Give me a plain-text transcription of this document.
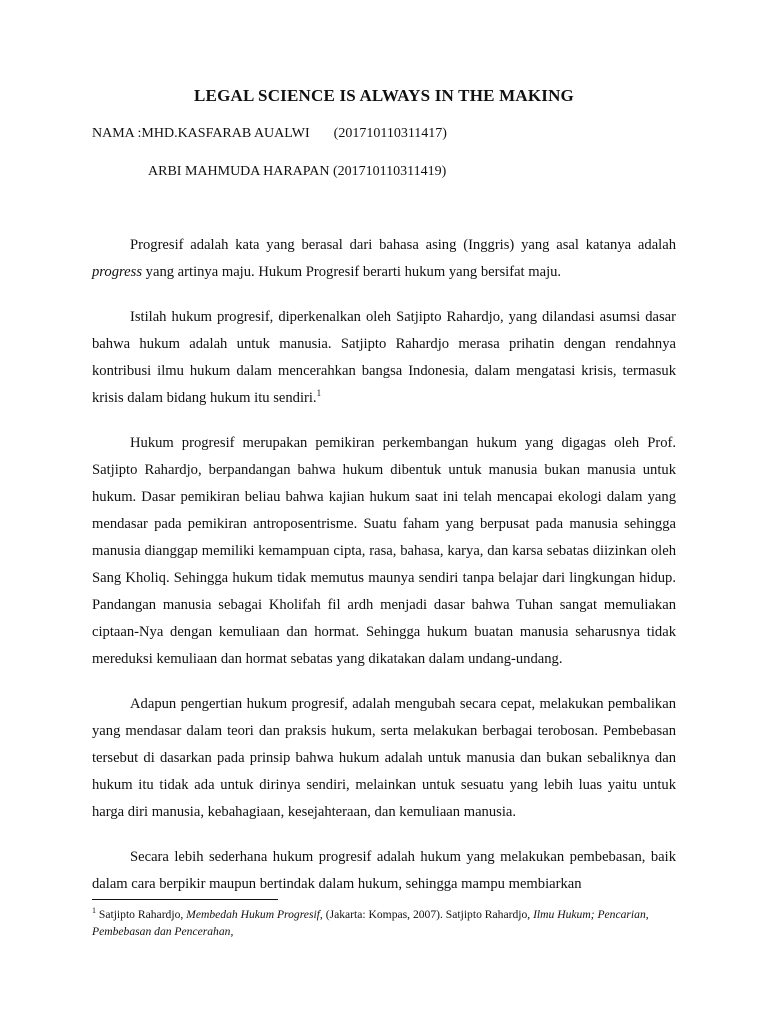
LEGAL SCIENCE IS ALWAYS IN THE MAKING
NAMA :MHD.KASFARAB AUALWI (201710110311417)
ARBI MAHMUDA HARAPAN (201710110311419)

Progresif adalah kata yang berasal dari bahasa asing (Inggris) yang asal katanya adalah progress yang artinya maju. Hukum Progresif berarti hukum yang bersifat maju.

Istilah hukum progresif, diperkenalkan oleh Satjipto Rahardjo, yang dilandasi asumsi dasar bahwa hukum adalah untuk manusia. Satjipto Rahardjo merasa prihatin dengan rendahnya kontribusi ilmu hukum dalam mencerahkan bangsa Indonesia, dalam mengatasi krisis, termasuk krisis dalam bidang hukum itu sendiri.$^1$

Hukum progresif merupakan pemikiran perkembangan hukum yang digagas oleh Prof. Satjipto Rahardjo, berpandangan bahwa hukum dibentuk untuk manusia bukan manusia untuk hukum. Dasar pemikiran beliau bahwa kajian hukum saat ini telah mencapai ekologi dalam yang mendasar pada pemikiran antroposentrisme. Suatu faham yang berpusat pada manusia sehingga manusia dianggap memiliki kemampuan cipta, rasa, bahasa, karya, dan karsa sebatas diizinkan oleh Sang Kholiq. Sehingga hukum tidak memutus maunya sendiri tanpa belajar dari lingkungan hidup. Pandangan manusia sebagai Kholifah fil ardh menjadi dasar bahwa Tuhan sangat memuliakan ciptaan-Nya dengan kemuliaan dan hormat. Sehingga hukum buatan manusia seharusnya tidak mereduksi kemuliaan dan hormat sebatas yang dikatakan dalam undang-undang.

Adapun pengertian hukum progresif, adalah mengubah secara cepat, melakukan pembalikan yang mendasar dalam teori dan praksis hukum, serta melakukan berbagai terobosan. Pembebasan tersebut di dasarkan pada prinsip bahwa hukum adalah untuk manusia dan bukan sebaliknya dan hukum itu tidak ada untuk dirinya sendiri, melainkan untuk sesuatu yang lebih luas yaitu untuk harga diri manusia, kebahagiaan, kesejahteraan, dan kemuliaan manusia.

Secara lebih sederhana hukum progresif adalah hukum yang melakukan pembebasan, baik dalam cara berpikir maupun bertindak dalam hukum, sehingga mampu membiarkan

$^1$ Satjipto Rahardjo, Membedah Hukum Progresif, (Jakarta: Kompas, 2007). Satjipto Rahardjo, Ilmu Hukum; Pencarian, Pembebasan dan Pencerahan,
